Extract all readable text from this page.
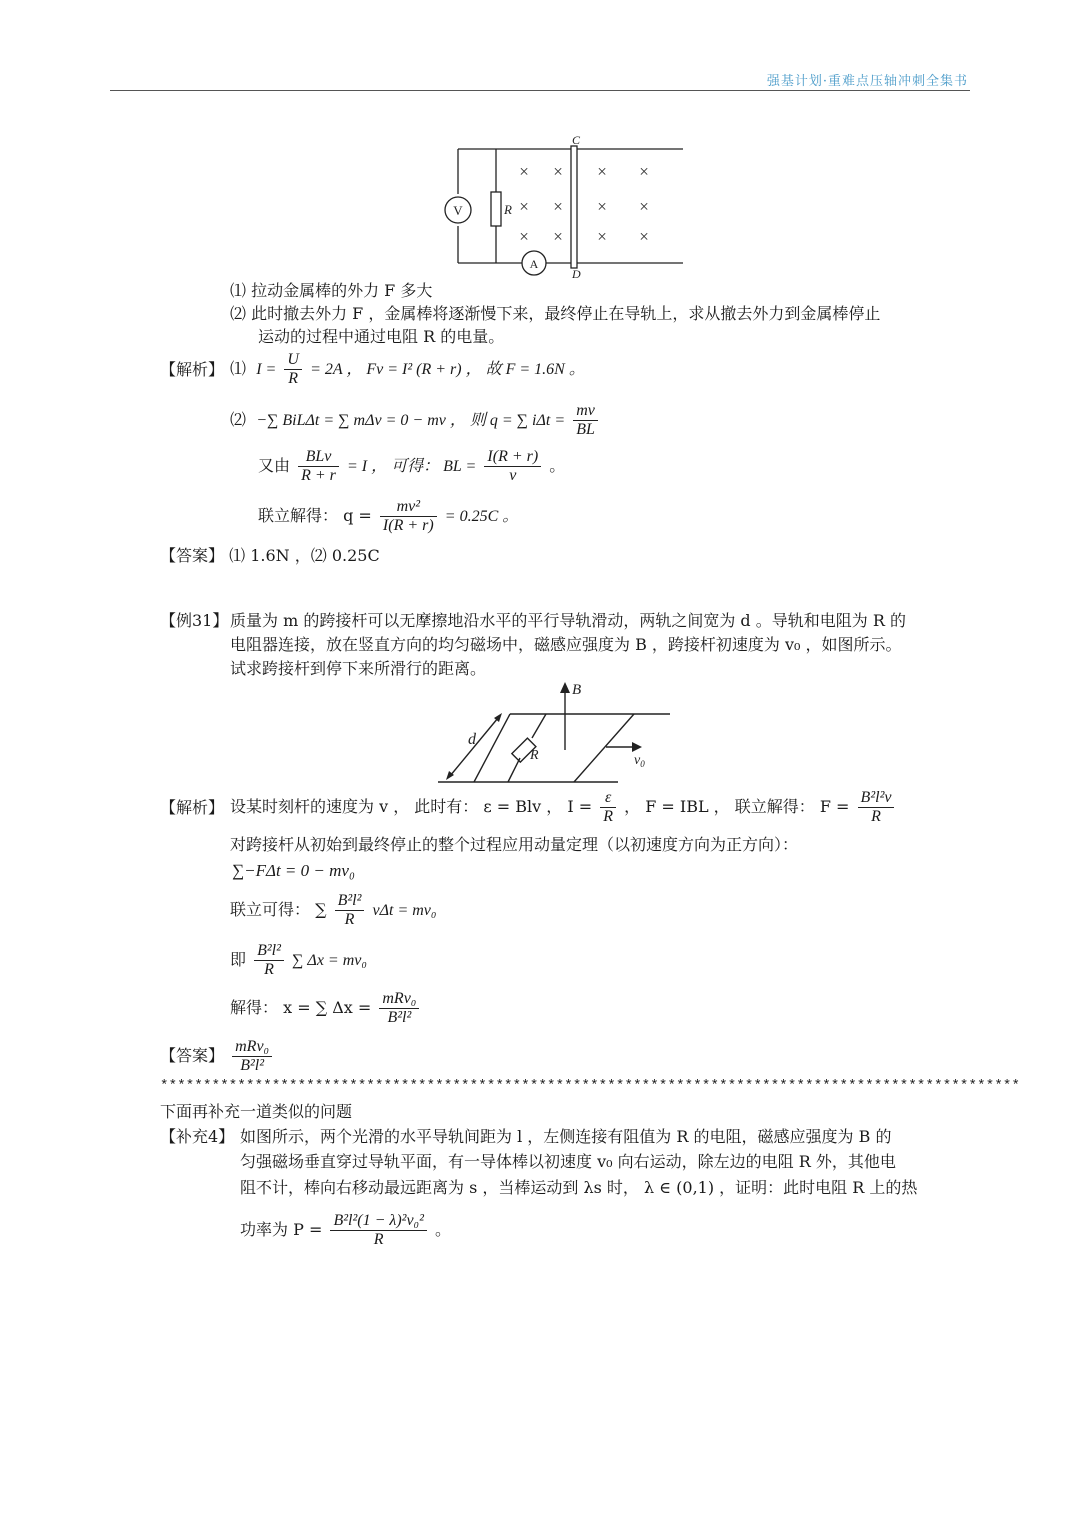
强基计划·重难点压轴冲刺全集书
V
A
R
C
D
× × × ×
× × × ×
× × × ×
⑴ 拉动金属棒的外力 F 多大
⑵ 此时撤去外力 F ，金属棒将逐渐慢下来，最终停止在导轨上，求从撤去外力到金属棒停止
运动的过程中通过电阻 R 的电量。
【解析】 ⑴ $I = \frac{U}{R} = 2A$ ， Fv = I² (R + r) ， 故 F = 1.6N 。
⑵ −∑ BiLΔt = ∑ mΔv = 0 − mv ， 则 q = ∑ $i\Delta t = \frac{mv}{BL}$
又由 $\frac{\text{BLv}}{R + r} = I$ ， 可得： BL = $\frac{I(R + r)}{v}$ 。
联立解得： $q = \frac{\text{mv²}}{I(R + r)} = 0.25C$ 。
【答案】 ⑴ 1.6N ，⑵ 0.25C
【例31】 质量为 m 的跨接杆可以无摩擦地沿水平的平行导轨滑动，两轨之间宽为 d 。导轨和电阻为 R 的
电阻器连接，放在竖直方向的均匀磁场中，磁感应强度为 B ，跨接杆初速度为 v₀ ，如图所示。
试求跨接杆到停下来所滑行的距离。
B
d
R	$v_0$
【解析】 设某时刻杆的速度为 v ， 此时有： ε = Blv ， $I = \frac{\varepsilon}{R}$ ， F = IBL ， 联立解得： $F = \frac{\text{B²l²v}}{R}$
对跨接杆从初始到最终停止的整个过程应用动量定理（以初速度方向为正方向）：
∑−FΔt = 0 − mv₀
联立可得： ∑ $\frac{\text{B²l²}}{R}$ vΔt = mv₀
即 $\frac{\text{B²l²}}{R}$ ∑ Δx = mv₀
解得： x = ∑ $\Delta x = \frac{\text{mRv₀}}{\text{B²l²}}$
【答案】 $\frac{\text{mRv₀}}{\text{B²l²}}$
****************************************************************************************************
下面再补充一道类似的问题
【补充4】 如图所示，两个光滑的水平导轨间距为 l ，左侧连接有阻值为 R 的电阻，磁感应强度为 B 的
匀强磁场垂直穿过导轨平面，有一导体棒以初速度 v₀ 向右运动，除左边的电阻 R 外，其他电
阻不计，棒向右移动最远距离为 s ，当棒运动到 λs 时， λ ∈ (0,1) ，证明：此时电阻 R 上的热
功率为 $P = \frac{\text{B²l²(1 − λ)²v₀²}}{R}$ 。
